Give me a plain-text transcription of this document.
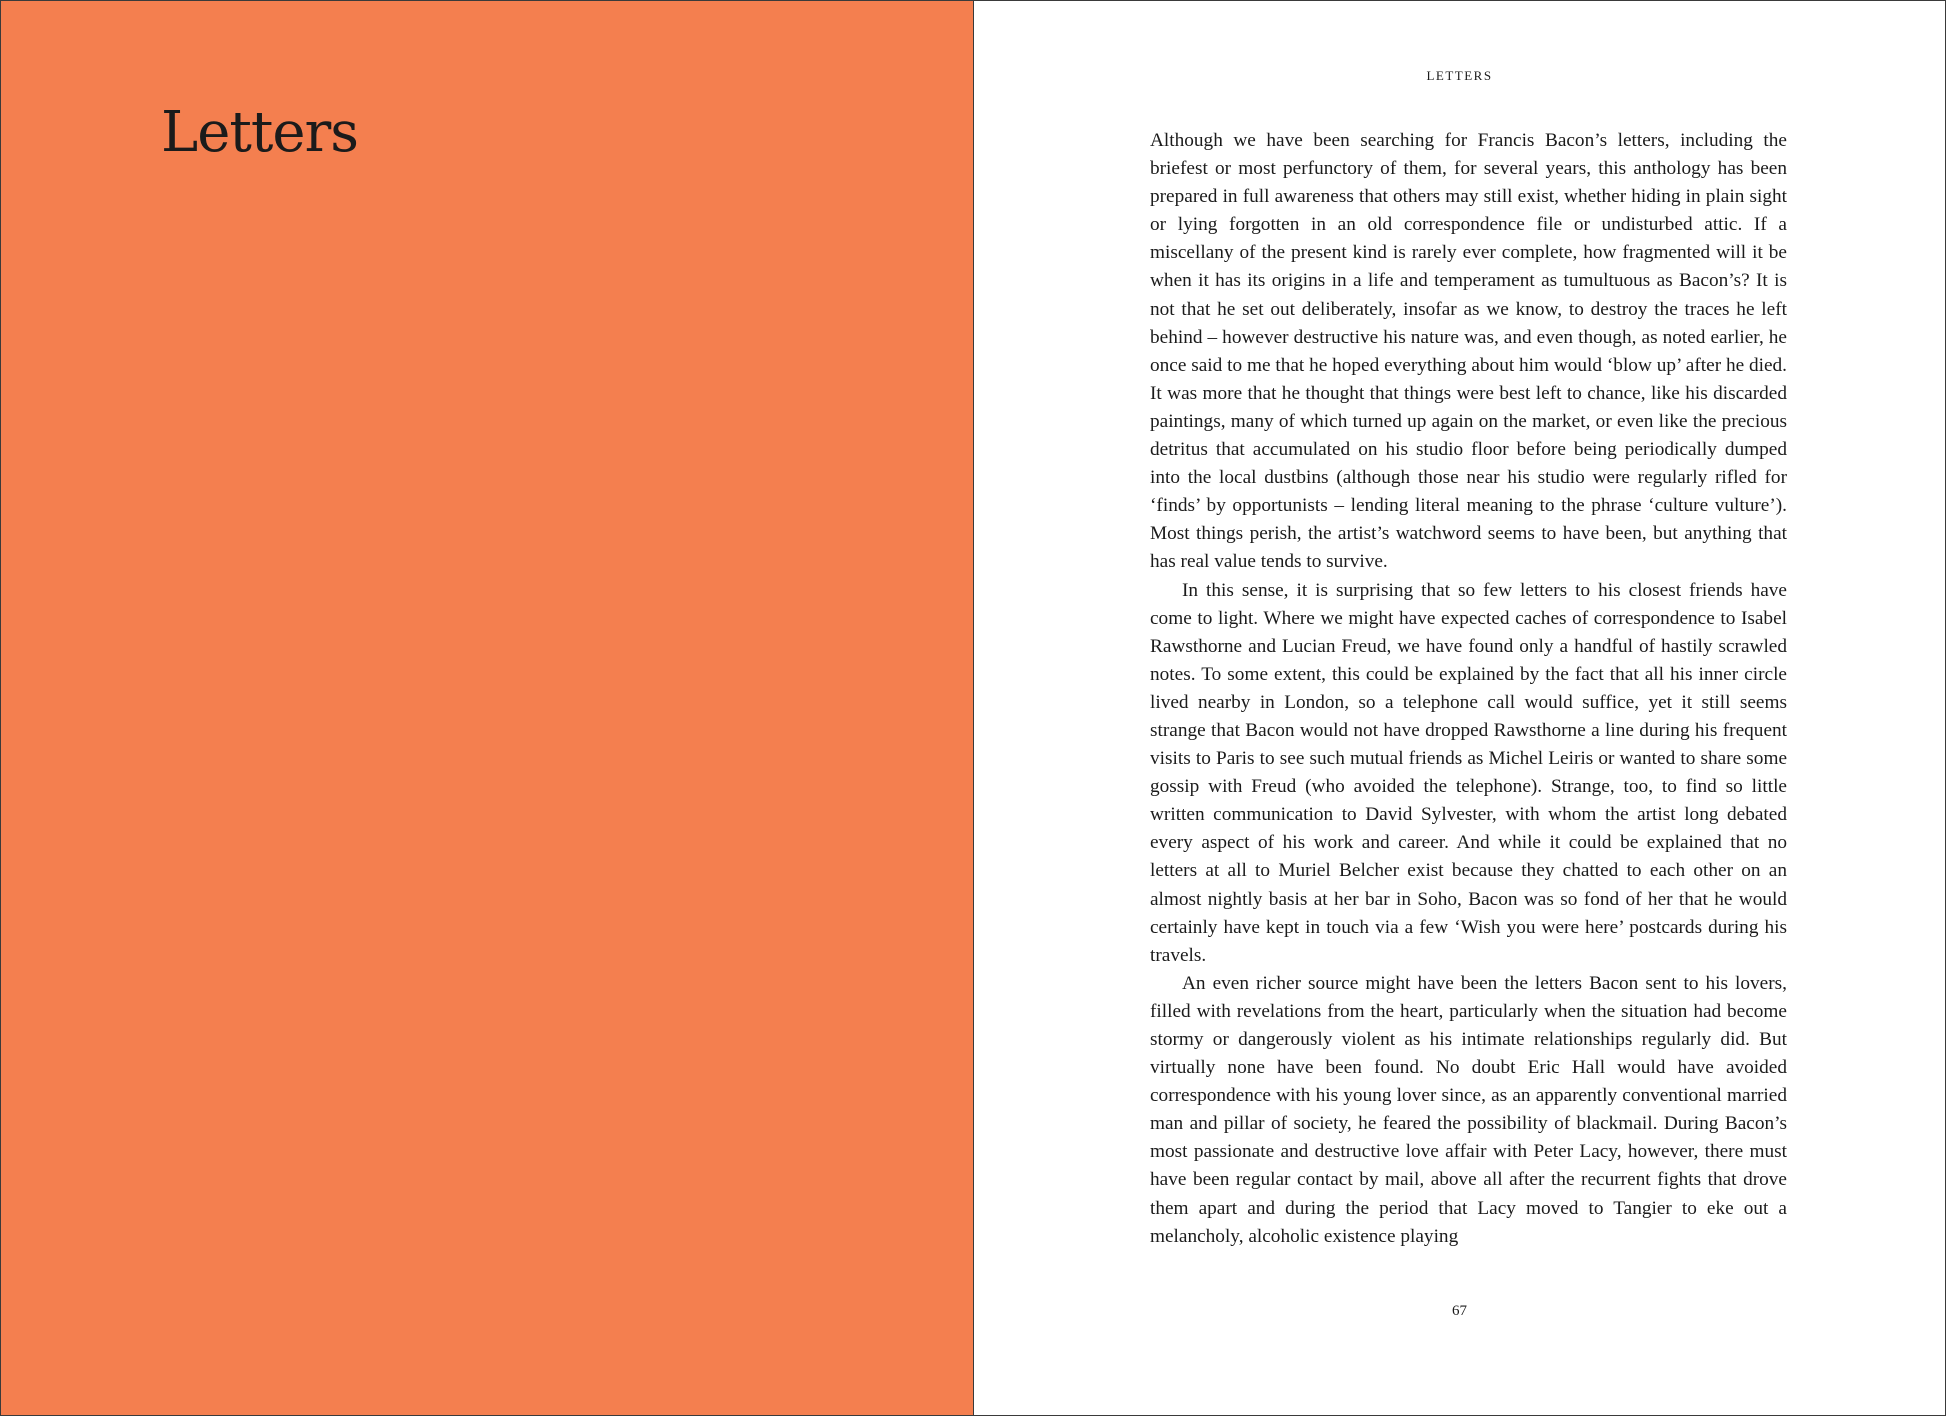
Letters
LETTERS

Although we have been searching for Francis Bacon’s letters, including the briefest or most perfunctory of them, for several years, this anthology has been prepared in full awareness that others may still exist, whether hiding in plain sight or lying forgotten in an old correspondence file or undisturbed attic. If a miscellany of the present kind is rarely ever complete, how fragmented will it be when it has its origins in a life and temperament as tumultuous as Bacon’s? It is not that he set out deliberately, insofar as we know, to destroy the traces he left behind – however destructive his nature was, and even though, as noted earlier, he once said to me that he hoped everything about him would ‘blow up’ after he died. It was more that he thought that things were best left to chance, like his discarded paintings, many of which turned up again on the market, or even like the precious detritus that accumulated on his studio floor before being periodically dumped into the local dustbins (although those near his studio were regularly rifled for ‘finds’ by opportunists – lending literal meaning to the phrase ‘culture vulture’). Most things perish, the artist’s watchword seems to have been, but anything that has real value tends to survive.

In this sense, it is surprising that so few letters to his closest friends have come to light. Where we might have expected caches of correspondence to Isabel Rawsthorne and Lucian Freud, we have found only a handful of hastily scrawled notes. To some extent, this could be explained by the fact that all his inner circle lived nearby in London, so a telephone call would suffice, yet it still seems strange that Bacon would not have dropped Rawsthorne a line during his frequent visits to Paris to see such mutual friends as Michel Leiris or wanted to share some gossip with Freud (who avoided the telephone). Strange, too, to find so little written communication to David Sylvester, with whom the artist long debated every aspect of his work and career. And while it could be explained that no letters at all to Muriel Belcher exist because they chatted to each other on an almost nightly basis at her bar in Soho, Bacon was so fond of her that he would certainly have kept in touch via a few ‘Wish you were here’ postcards during his travels.

An even richer source might have been the letters Bacon sent to his lovers, filled with revelations from the heart, particularly when the situation had become stormy or dangerously violent as his intimate relationships regularly did. But virtually none have been found. No doubt Eric Hall would have avoided correspondence with his young lover since, as an apparently conventional married man and pillar of society, he feared the possibility of blackmail. During Bacon’s most passionate and destructive love affair with Peter Lacy, however, there must have been regular contact by mail, above all after the recurrent fights that drove them apart and during the period that Lacy moved to Tangier to eke out a melancholy, alcoholic existence playing

67
